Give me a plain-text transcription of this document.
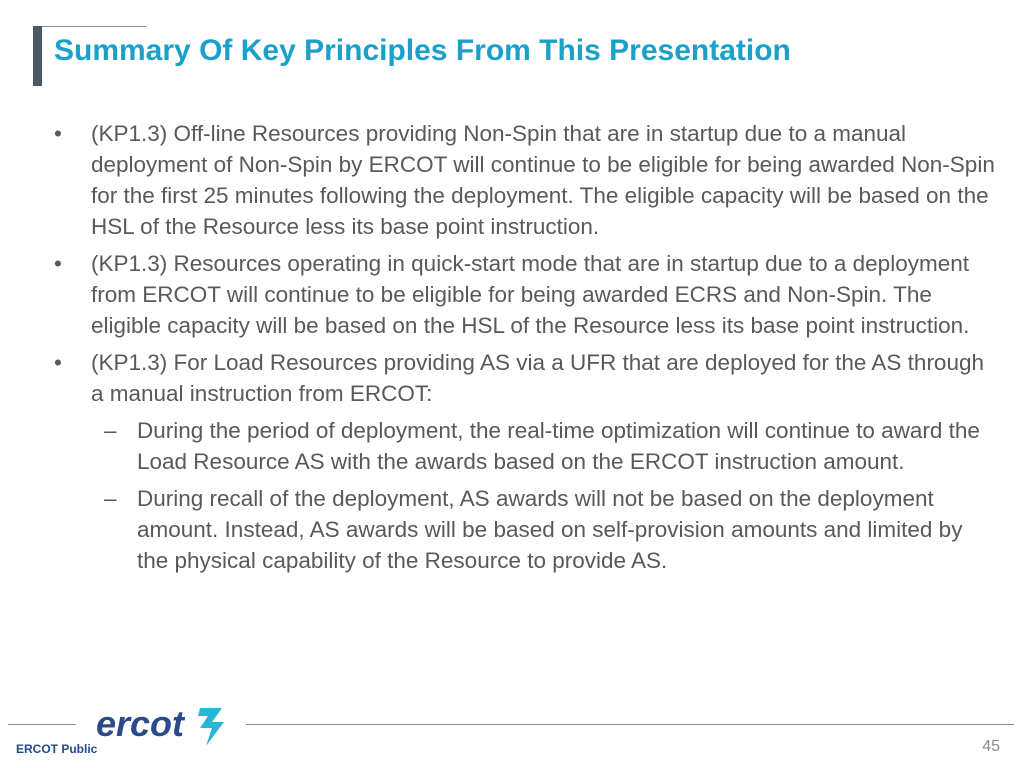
Summary Of Key Principles From This Presentation
• (KP1.3) Off-line Resources providing Non-Spin that are in startup due to a manual deployment of Non-Spin by ERCOT will continue to be eligible for being awarded Non-Spin for the first 25 minutes following the deployment. The eligible capacity will be based on the HSL of the Resource less its base point instruction.
• (KP1.3) Resources operating in quick-start mode that are in startup due to a deployment from ERCOT will continue to be eligible for being awarded ECRS and Non-Spin. The eligible capacity will be based on the HSL of the Resource less its base point instruction.
• (KP1.3) For Load Resources providing AS via a UFR that are deployed for the AS through a manual instruction from ERCOT:
– During the period of deployment, the real-time optimization will continue to award the Load Resource AS with the awards based on the ERCOT instruction amount.
– During recall of the deployment, AS awards will not be based on the deployment amount. Instead, AS awards will be based on self-provision amounts and limited by the physical capability of the Resource to provide AS.
ercot
ERCOT Public	45
